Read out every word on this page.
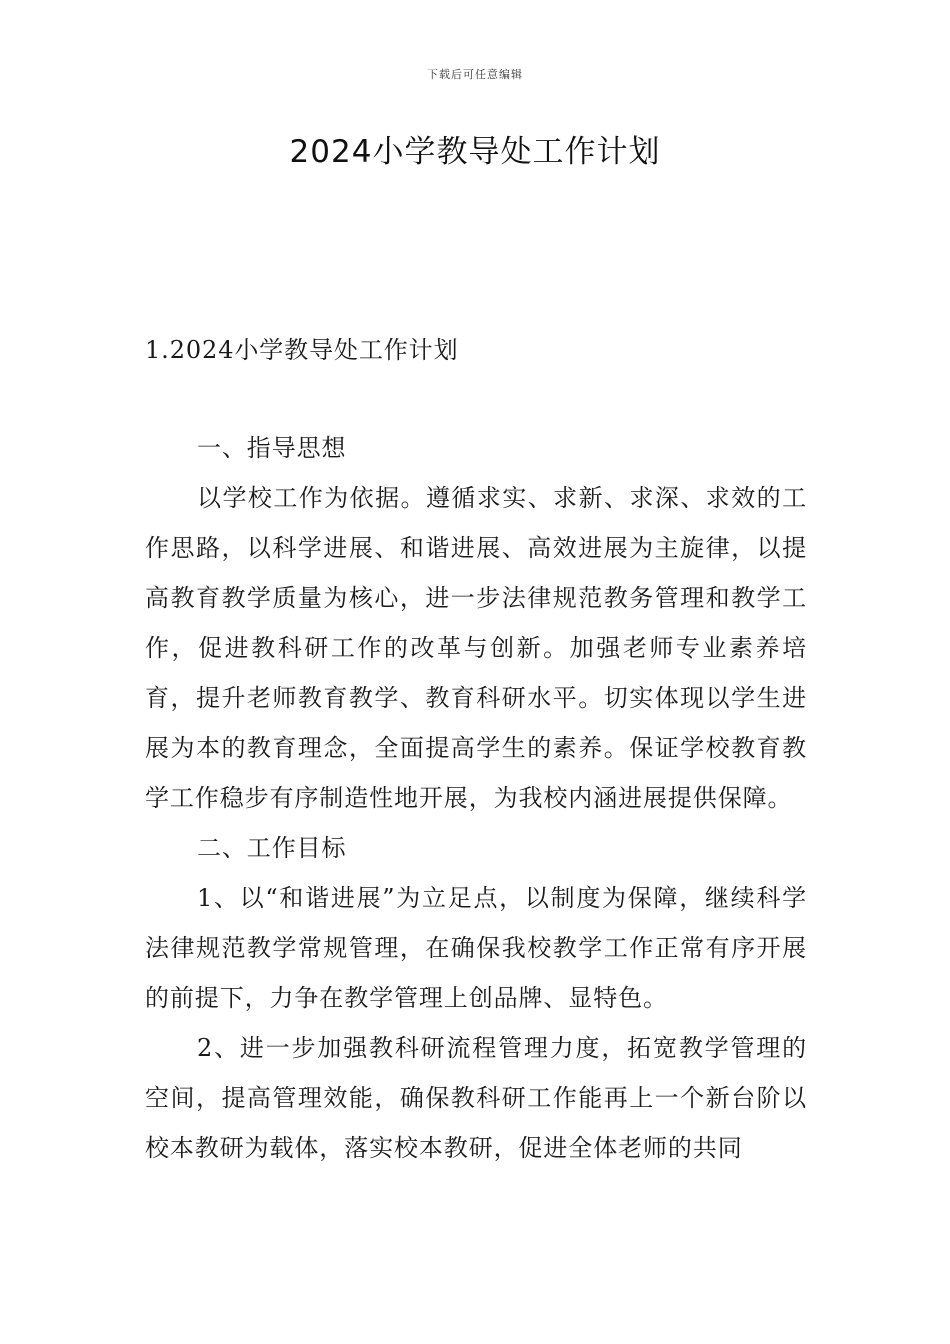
下载后可任意编辑
2024小学教导处工作计划
1.2024小学教导处工作计划
一、指导思想

以学校工作为依据。遵循求实、求新、求深、求效的工作思路，以科学进展、和谐进展、高效进展为主旋律，以提高教育教学质量为核心，进一步法律规范教务管理和教学工作，促进教科研工作的改革与创新。加强老师专业素养培育，提升老师教育教学、教育科研水平。切实体现以学生进展为本的教育理念，全面提高学生的素养。保证学校教育教学工作稳步有序制造性地开展，为我校内涵进展提供保障。

二、工作目标

1、以“和谐进展”为立足点，以制度为保障，继续科学法律规范教学常规管理，在确保我校教学工作正常有序开展的前提下，力争在教学管理上创品牌、显特色。

2、进一步加强教科研流程管理力度，拓宽教学管理的空间，提高管理效能，确保教科研工作能再上一个新台阶以校本教研为载体，落实校本教研，促进全体老师的共同
